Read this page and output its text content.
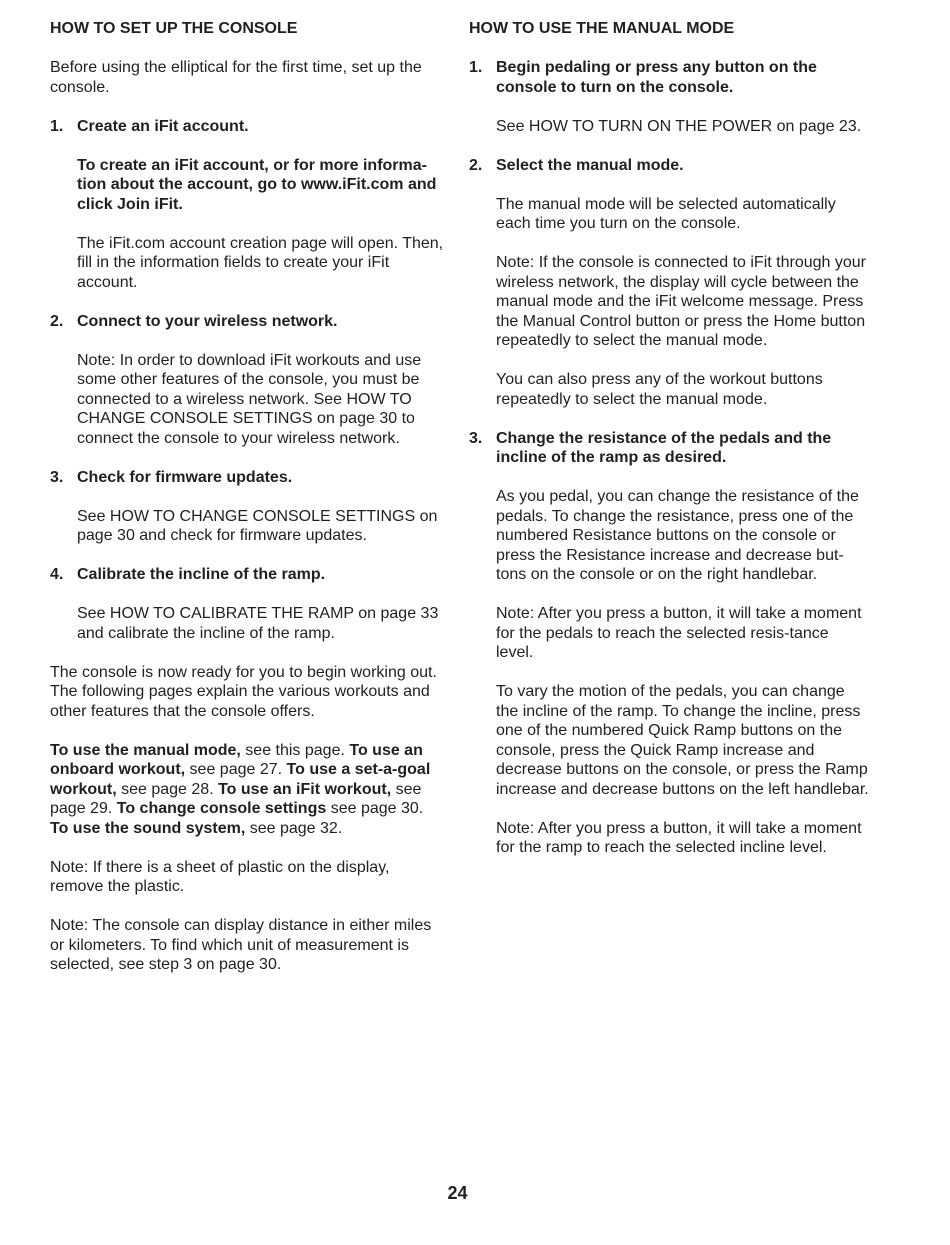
HOW TO SET UP THE CONSOLE

Before using the elliptical for the first time, set up the console.

1. Create an iFit account.

To create an iFit account, or for more informa-tion about the account, go to www.iFit.com and click Join iFit.

The iFit.com account creation page will open. Then, fill in the information fields to create your iFit account.

2. Connect to your wireless network.

Note: In order to download iFit workouts and use some other features of the console, you must be connected to a wireless network. See HOW TO CHANGE CONSOLE SETTINGS on page 30 to connect the console to your wireless network.

3. Check for firmware updates.

See HOW TO CHANGE CONSOLE SETTINGS on page 30 and check for firmware updates.

4. Calibrate the incline of the ramp.

See HOW TO CALIBRATE THE RAMP on page 33 and calibrate the incline of the ramp.

The console is now ready for you to begin working out. The following pages explain the various workouts and other features that the console offers.

To use the manual mode, see this page. To use an onboard workout, see page 27. To use a set-a-goal workout, see page 28. To use an iFit workout, see page 29. To change console settings see page 30. To use the sound system, see page 32.

Note: If there is a sheet of plastic on the display, remove the plastic.

Note: The console can display distance in either miles or kilometers. To find which unit of measurement is selected, see step 3 on page 30.

HOW TO USE THE MANUAL MODE

1. Begin pedaling or press any button on the console to turn on the console.

See HOW TO TURN ON THE POWER on page 23.

2. Select the manual mode.

The manual mode will be selected automatically each time you turn on the console.

Note: If the console is connected to iFit through your wireless network, the display will cycle between the manual mode and the iFit welcome message. Press the Manual Control button or press the Home button repeatedly to select the manual mode.

You can also press any of the workout buttons repeatedly to select the manual mode.

3. Change the resistance of the pedals and the incline of the ramp as desired.

As you pedal, you can change the resistance of the pedals. To change the resistance, press one of the numbered Resistance buttons on the console or press the Resistance increase and decrease but-tons on the console or on the right handlebar.

Note: After you press a button, it will take a moment for the pedals to reach the selected resis-tance level.

To vary the motion of the pedals, you can change the incline of the ramp. To change the incline, press one of the numbered Quick Ramp buttons on the console, press the Quick Ramp increase and decrease buttons on the console, or press the Ramp increase and decrease buttons on the left handlebar.

Note: After you press a button, it will take a moment for the ramp to reach the selected incline level.

24
